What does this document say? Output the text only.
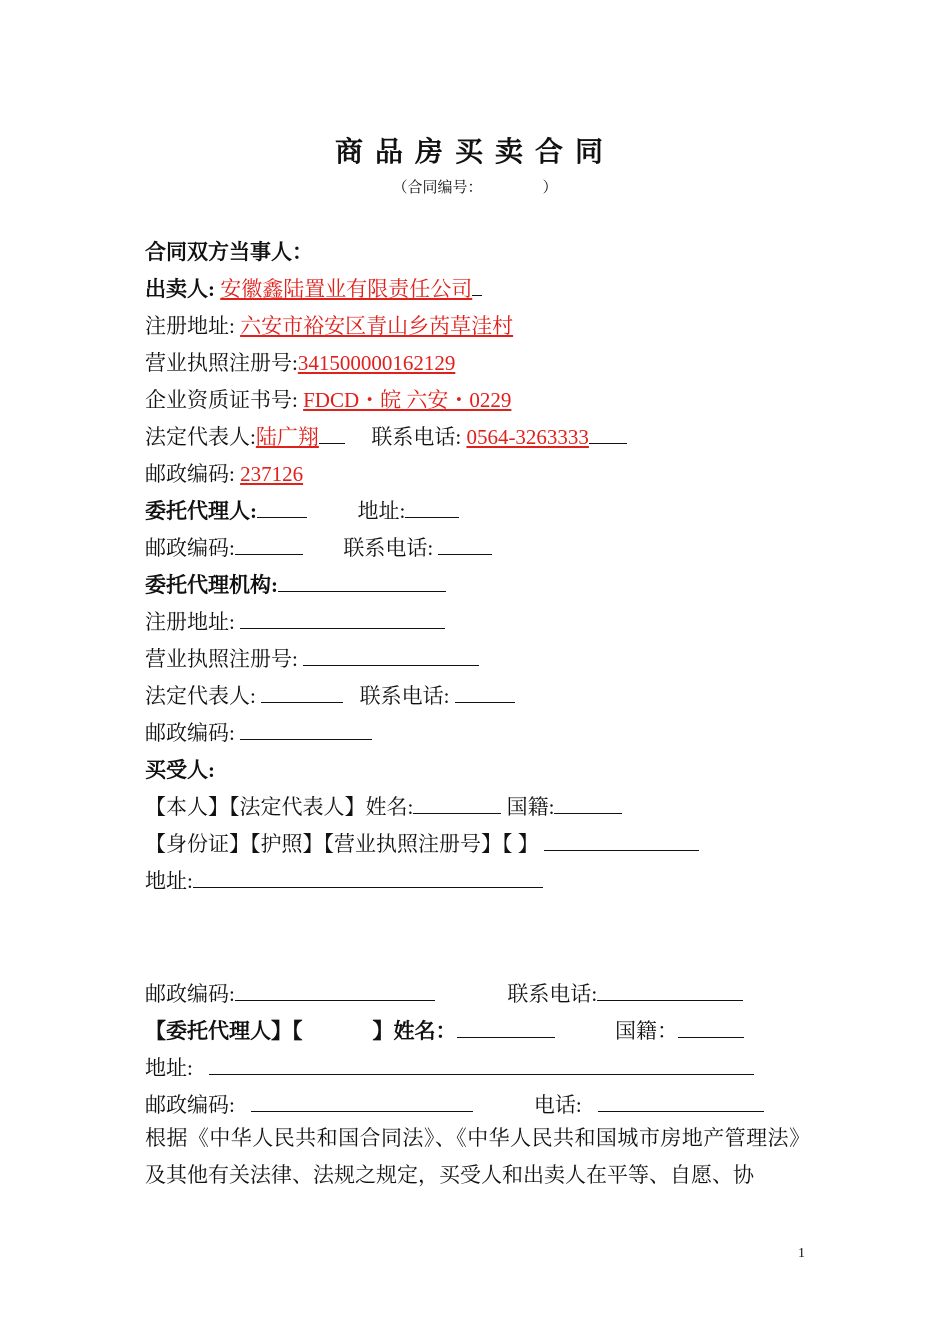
商品房买卖合同
（合同编号：	）
合同双方当事人：
出卖人: 安徽鑫陆置业有限责任公司
注册地址: 六安市裕安区青山乡芮草洼村
营业执照注册号:341500000162129
企业资质证书号: FDCD・皖 六安・0229
法定代表人:陆广翔	联系电话: 0564-3263333
邮政编码: 237126
委托代理人:	地址:
邮政编码:	联系电话:
委托代理机构:
注册地址:
营业执照注册号:
法定代表人:	联系电话:
邮政编码:
买受人:
【本人】【法定代表人】姓名:	国籍:
【身份证】【护照】【营业执照注册号】【 】
地址:
邮政编码:	联系电话:
【委托代理人】【	】姓名：	国籍：
地址:
邮政编码:	电话:
根据《中华人民共和国合同法》、《中华人民共和国城市房地产管理法》及其他有关法律、法规之规定，买受人和出卖人在平等、自愿、协
1
